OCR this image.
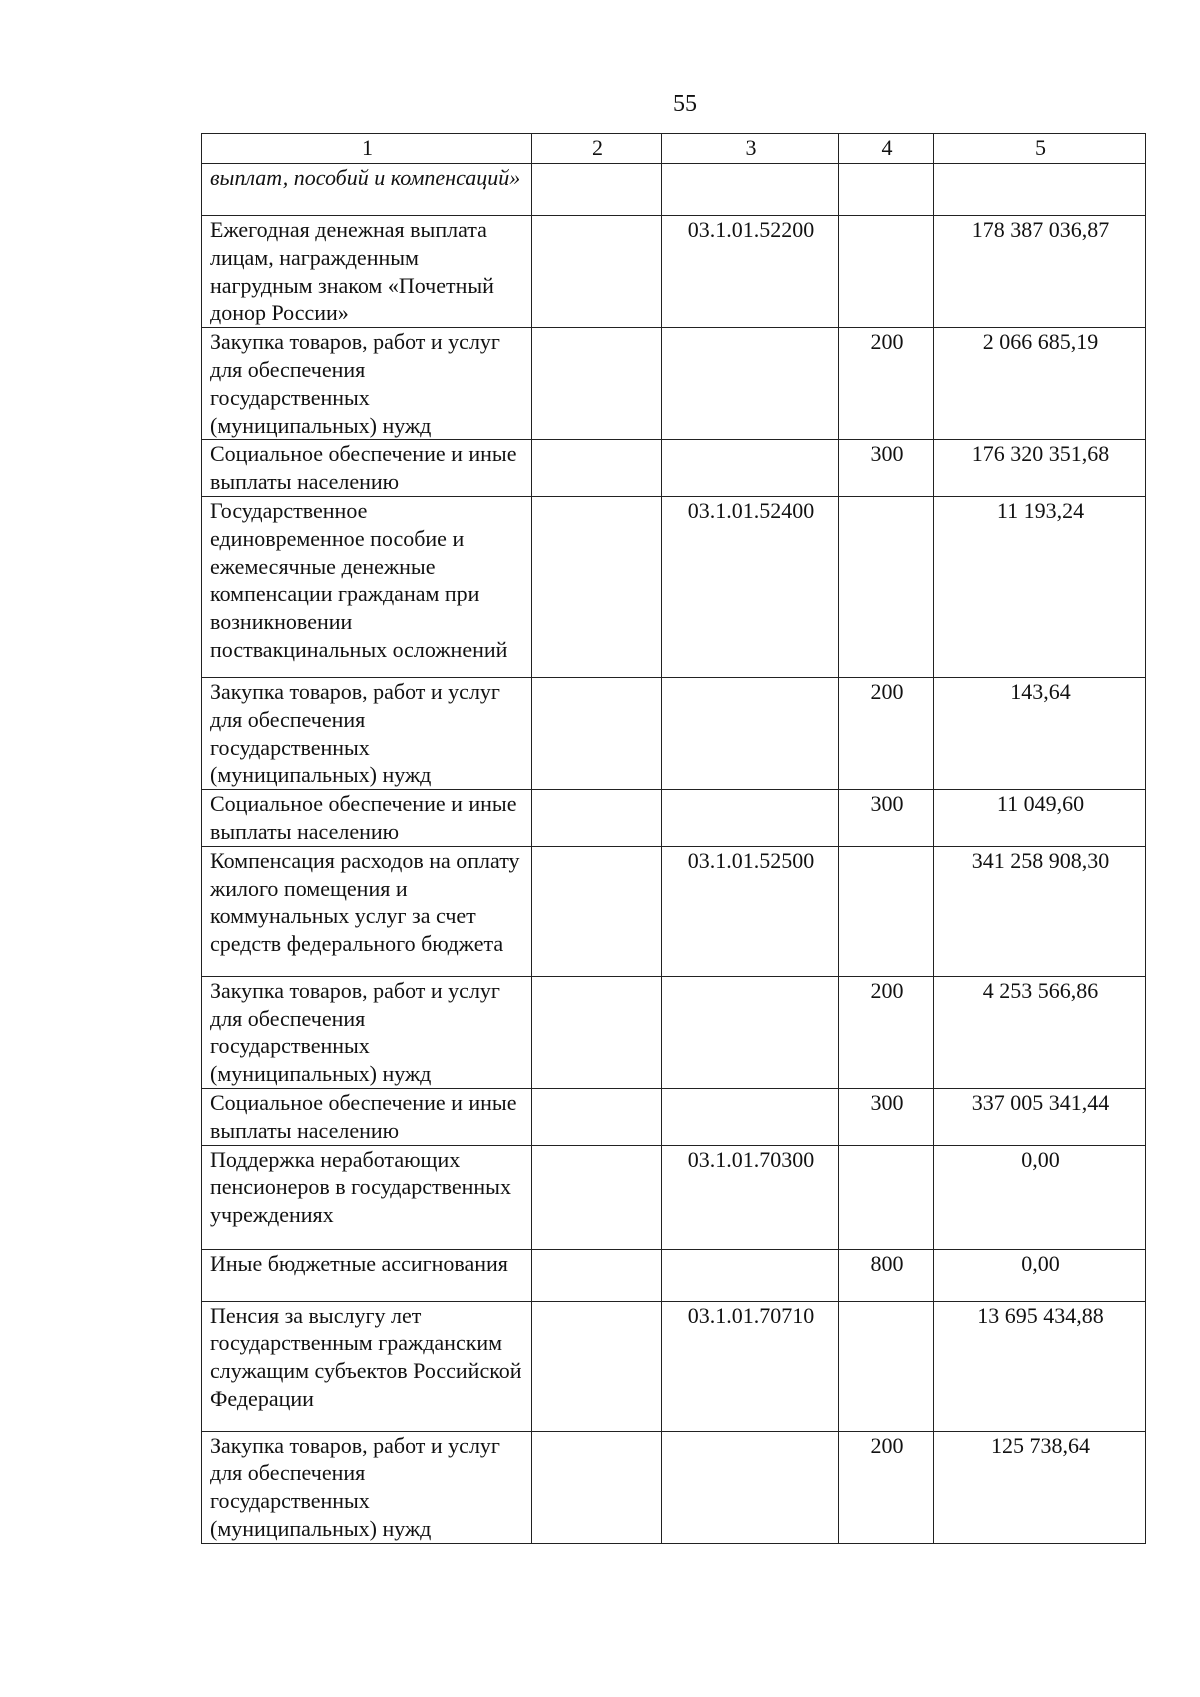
55
1	2	3	4	5
выплат, пособий и компенсаций»				
Ежегодная денежная выплата лицам, награжденным нагрудным знаком «Почетный донор России»		03.1.01.52200		178 387 036,87
Закупка товаров, работ и услуг для обеспечения государственных (муниципальных) нужд			200	2 066 685,19
Социальное обеспечение и иные выплаты населению			300	176 320 351,68
Государственное единовременное пособие и ежемесячные денежные компенсации гражданам при возникновении поствакцинальных осложнений		03.1.01.52400		11 193,24
Закупка товаров, работ и услуг для обеспечения государственных (муниципальных) нужд			200	143,64
Социальное обеспечение и иные выплаты населению			300	11 049,60
Компенсация расходов на оплату жилого помещения и коммунальных услуг за счет средств федерального бюджета		03.1.01.52500		341 258 908,30
Закупка товаров, работ и услуг для обеспечения государственных (муниципальных) нужд			200	4 253 566,86
Социальное обеспечение и иные выплаты населению			300	337 005 341,44
Поддержка неработающих пенсионеров в государственных учреждениях		03.1.01.70300		0,00
Иные бюджетные ассигнования			800	0,00
Пенсия за выслугу лет государственным гражданским служащим субъектов Российской Федерации		03.1.01.70710		13 695 434,88
Закупка товаров, работ и услуг для обеспечения государственных (муниципальных) нужд			200	125 738,64
